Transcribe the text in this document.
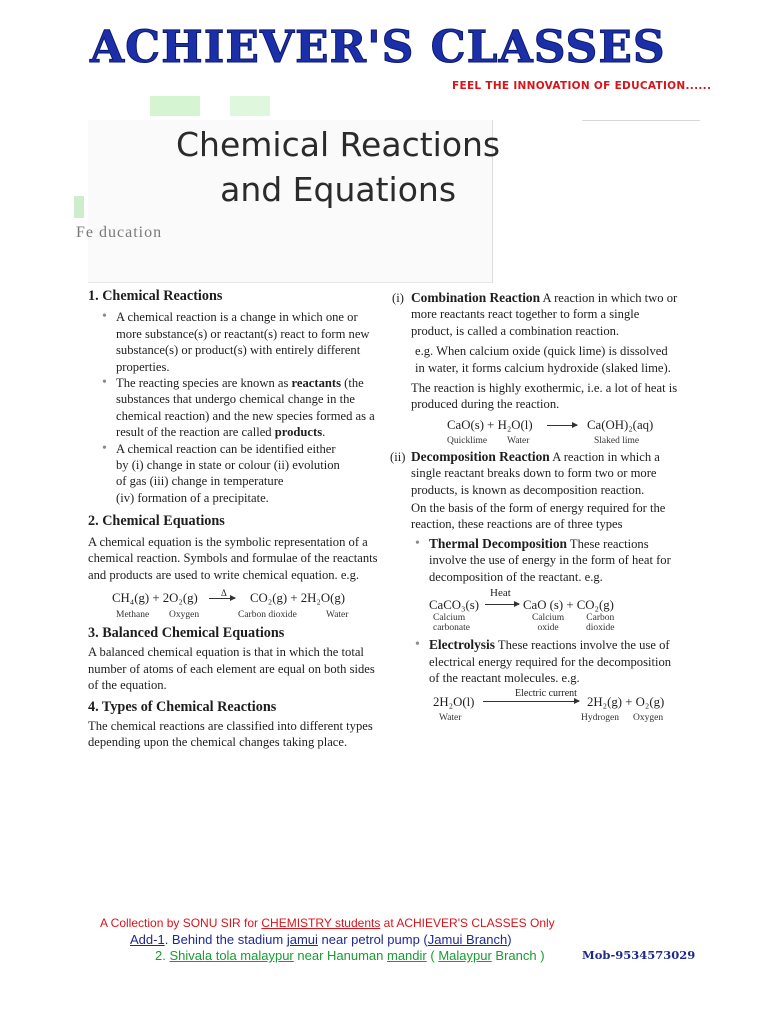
ACHIEVER'S CLASSES
FEEL THE INNOVATION OF EDUCATION......
Fe ducation
Chemical Reactions
and Equations
1. Chemical Reactions
• A chemical reaction is a change in which one or more substance(s) or reactant(s) react to form new substance(s) or product(s) with entirely different properties.
• The reacting species are known as reactants (the substances that undergo chemical change in the chemical reaction) and the new species formed as a result of the reaction are called products.
• A chemical reaction can be identified either
by (i) change in state or colour (ii) evolution
of gas (iii) change in temperature
(iv) formation of a precipitate.
2. Chemical Equations
A chemical equation is the symbolic representation of a chemical reaction. Symbols and formulae of the reactants and products are used to write chemical equation. e.g.
CH₄(g) + 2O₂(g)	Δ → CO₂(g) + 2H₂O(g)
Methane Oxygen	Carbon dioxide	Water
3. Balanced Chemical Equations
A balanced chemical equation is that in which the total number of atoms of each element are equal on both sides of the equation.
4. Types of Chemical Reactions
The chemical reactions are classified into different types depending upon the chemical changes taking place.
(i) Combination Reaction A reaction in which two or more reactants react together to form a single product, is called a combination reaction.
e.g. When calcium oxide (quick lime) is dissolved in water, it forms calcium hydroxide (slaked lime).
The reaction is highly exothermic, i.e. a lot of heat is produced during the reaction.
CaO(s) + H₂O(l) → Ca(OH)₂(aq)
Quicklime Water	Slaked lime
(ii) Decomposition Reaction A reaction in which a single reactant breaks down to form two or more products, is known as decomposition reaction.
On the basis of the form of energy required for the reaction, these reactions are of three types
• Thermal Decomposition These reactions involve the use of energy in the form of heat for decomposition of the reactant. e.g.
CaCO₃(s)
Heat
→ CaO (s) + CO₂(g)
Calcium
carbonate
Calcium
oxide
Carbon
dioxide
• Electrolysis These reactions involve the use of electrical energy required for the decomposition of the reactant molecules. e.g.
2H₂O(l)
Electric current
2H₂(g) + O₂(g)
Water	Hydrogen Oxygen
A Collection by SONU SIR for CHEMISTRY students at ACHIEVER'S CLASSES Only
Add-1. Behind the stadium jamui near petrol pump (Jamui Branch)
2. Shivala tola malaypur near Hanuman mandir ( Malaypur Branch )	Mob-9534573029
